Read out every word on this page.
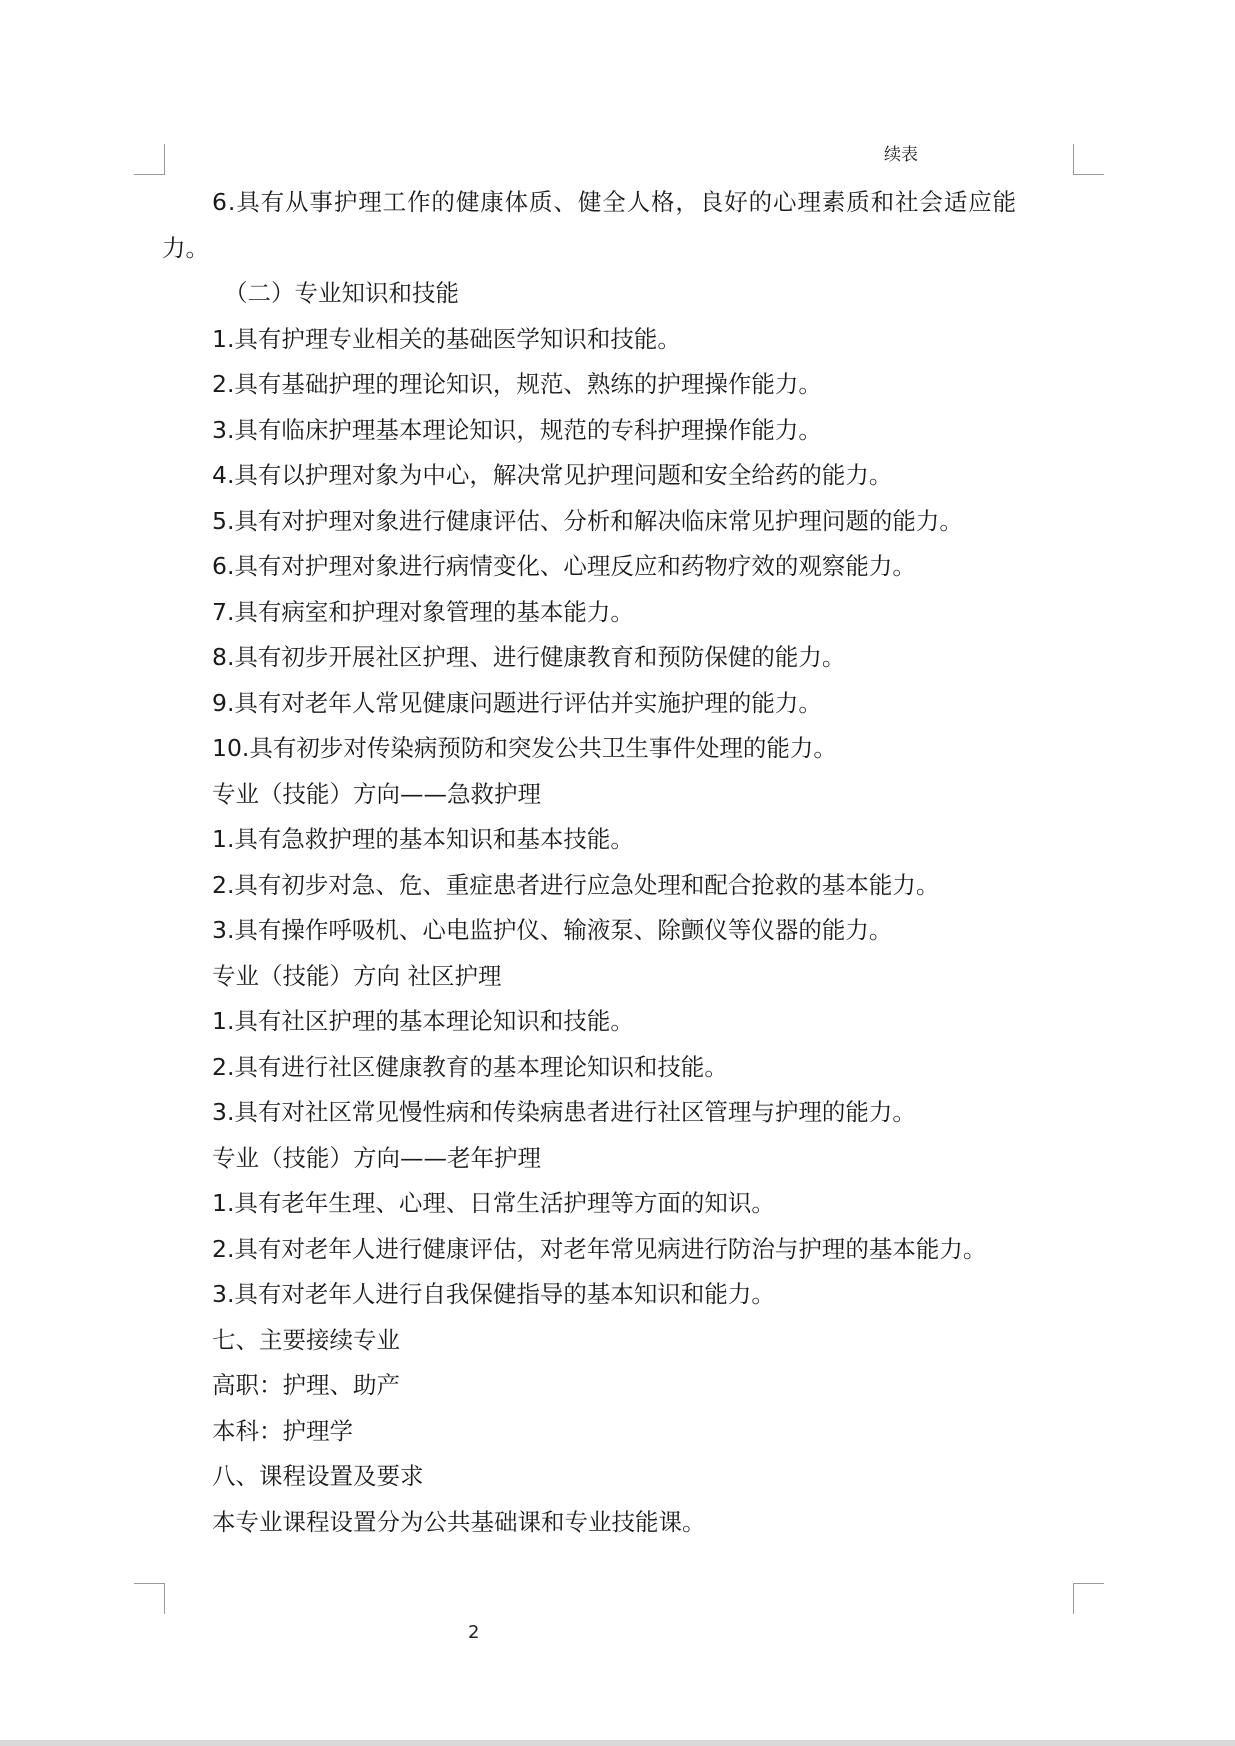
续表
6.具有从事护理工作的健康体质、健全人格，良好的心理素质和社会适应能
力。
（二）专业知识和技能
1.具有护理专业相关的基础医学知识和技能。
2.具有基础护理的理论知识，规范、熟练的护理操作能力。
3.具有临床护理基本理论知识，规范的专科护理操作能力。
4.具有以护理对象为中心，解决常见护理问题和安全给药的能力。
5.具有对护理对象进行健康评估、分析和解决临床常见护理问题的能力。
6.具有对护理对象进行病情变化、心理反应和药物疗效的观察能力。
7.具有病室和护理对象管理的基本能力。
8.具有初步开展社区护理、进行健康教育和预防保健的能力。
9.具有对老年人常见健康问题进行评估并实施护理的能力。
10.具有初步对传染病预防和突发公共卫生事件处理的能力。
专业（技能）方向——急救护理
1.具有急救护理的基本知识和基本技能。
2.具有初步对急、危、重症患者进行应急处理和配合抢救的基本能力。
3.具有操作呼吸机、心电监护仪、输液泵、除颤仪等仪器的能力。
专业（技能）方向 社区护理
1.具有社区护理的基本理论知识和技能。
2.具有进行社区健康教育的基本理论知识和技能。
3.具有对社区常见慢性病和传染病患者进行社区管理与护理的能力。
专业（技能）方向——老年护理
1.具有老年生理、心理、日常生活护理等方面的知识。
2.具有对老年人进行健康评估，对老年常见病进行防治与护理的基本能力。
3.具有对老年人进行自我保健指导的基本知识和能力。
七、主要接续专业
高职：护理、助产
本科：护理学
八、课程设置及要求
本专业课程设置分为公共基础课和专业技能课。
2
